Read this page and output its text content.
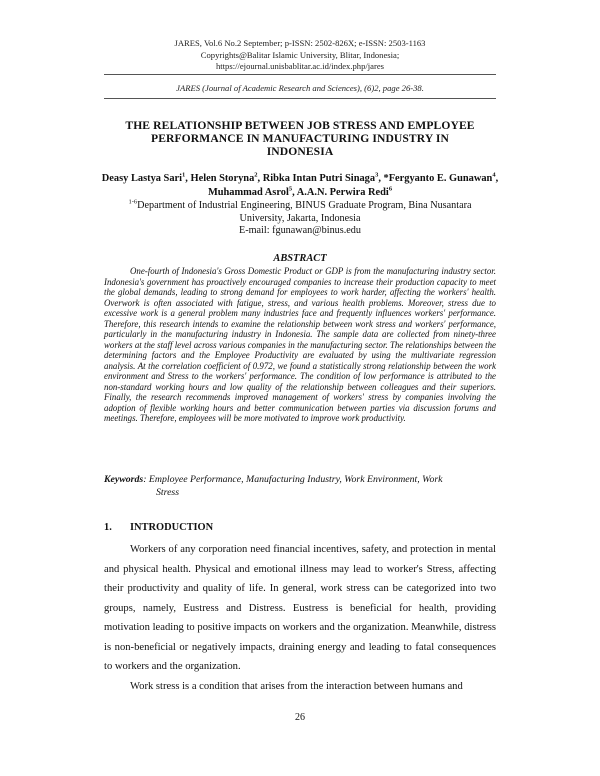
JARES, Vol.6 No.2 September; p-ISSN: 2502-826X; e-ISSN: 2503-1163
Copyrights@Balitar Islamic University, Blitar, Indonesia;
https://ejournal.unisbablitar.ac.id/index.php/jares
JARES (Journal of Academic Research and Sciences), (6)2, page 26-38.
THE RELATIONSHIP BETWEEN JOB STRESS AND EMPLOYEE
PERFORMANCE IN MANUFACTURING INDUSTRY IN
INDONESIA
Deasy Lastya Sari$^1$, Helen Storyna$^2$, Ribka Intan Putri Sinaga$^3$, *Fergyanto E. Gunawan$^4$, Muhammad Asrol$^5$, A.A.N. Perwira Redi$^6$
$^{1-6}$Department of Industrial Engineering, BINUS Graduate Program, Bina Nusantara
University, Jakarta, Indonesia
E-mail: fgunawan@binus.edu
ABSTRACT
One-fourth of Indonesia's Gross Domestic Product or GDP is from the manufacturing industry sector. Indonesia's government has proactively encouraged companies to increase their production capacity to meet the global demands, leading to strong demand for employees to work harder, affecting the workers' health. Overwork is often associated with fatigue, stress, and various health problems. Moreover, stress due to excessive work is a general problem many industries face and frequently influences workers' performance. Therefore, this research intends to examine the relationship between work stress and workers' performance, particularly in the manufacturing industry in Indonesia. The sample data are collected from ninety-three workers at the staff level across various companies in the manufacturing sector. The relationships between the determining factors and the Employee Productivity are evaluated by using the multivariate regression analysis. At the correlation coefficient of 0.972, we found a statistically strong relationship between the work environment and Stress to the workers' performance. The condition of low performance is attributed to the non-standard working hours and low quality of the relationship between colleagues and their superiors. Finally, the research recommends improved management of workers' stress by companies involving the adoption of flexible working hours and better communication between parties via discussion forums and meetings. Therefore, employees will be more motivated to improve work productivity.
Keywords: Employee Performance, Manufacturing Industry, Work Environment, Work
Stress
1. INTRODUCTION

Workers of any corporation need financial incentives, safety, and protection in mental and physical health. Physical and emotional illness may lead to worker's Stress, affecting their productivity and quality of life. In general, work stress can be categorized into two groups, namely, Eustress and Distress. Eustress is beneficial for health, providing motivation leading to positive impacts on workers and the organization. Meanwhile, distress is non-beneficial or negatively impacts, draining energy and leading to fatal consequences to workers and the organization.

Work stress is a condition that arises from the interaction between humans and

26
